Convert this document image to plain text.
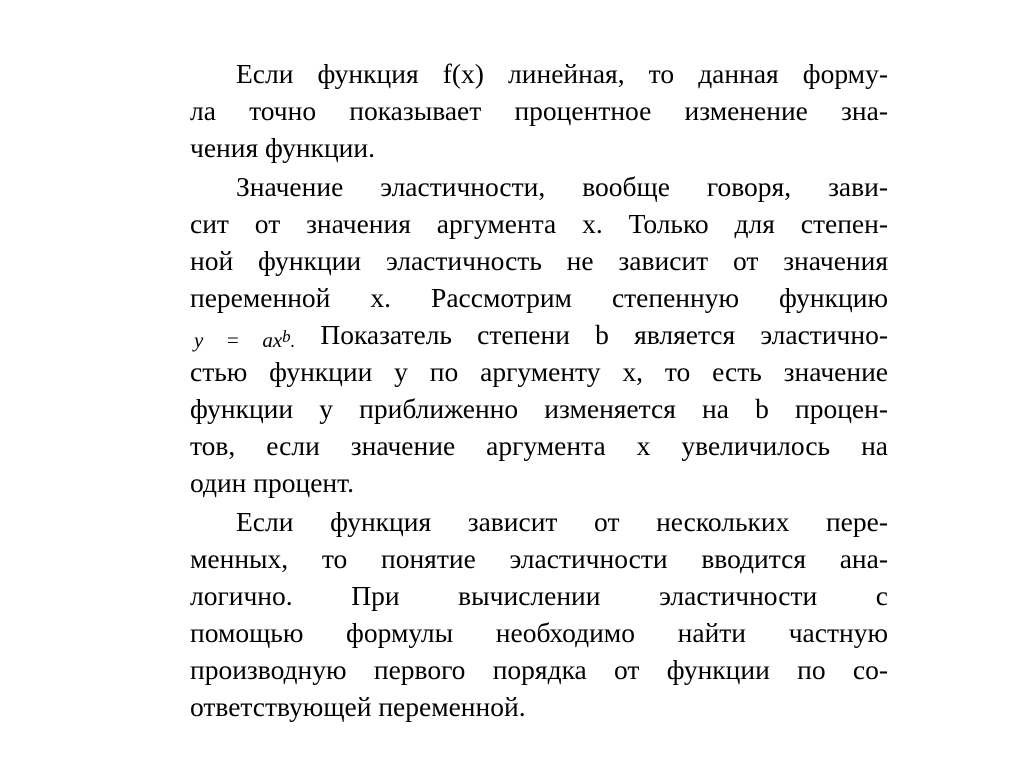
Если функция f(x) линейная, то данная форму-
ла точно показывает процентное изменение зна-
чения функции.
Значение эластичности, вообще говоря, зави-
сит от значения аргумента x. Только для степен-
ной функции эластичность не зависит от значения
переменной x. Рассмотрим степенную функцию
$y = ax^b$. Показатель степени b является эластично-
стью функции y по аргументу x, то есть значение
функции y приближенно изменяется на b процен-
тов, если значение аргумента x увеличилось на
один процент.
Если функция зависит от нескольких пере-
менных, то понятие эластичности вводится ана-
логично. При вычислении эластичности с
помощью формулы необходимо найти частную
производную первого порядка от функции по со-
ответствующей переменной.
